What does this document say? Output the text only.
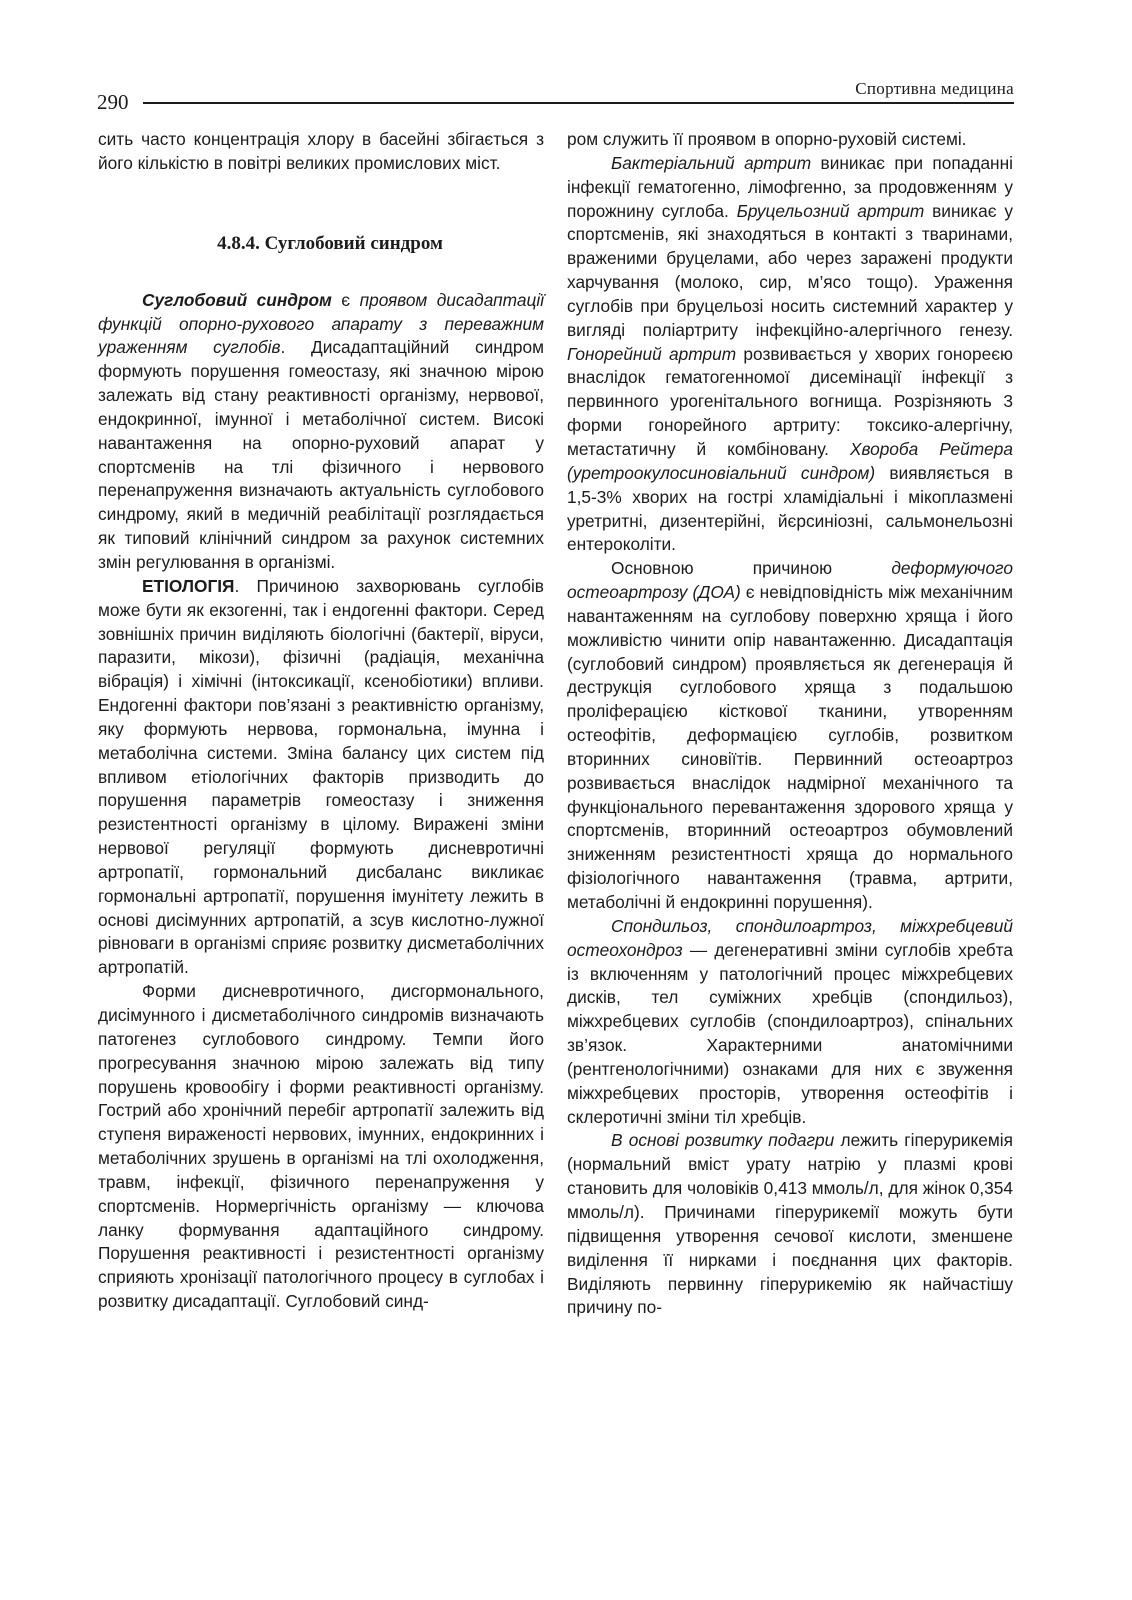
290
Спортивна медицина

сить часто концентрація хлору в басейні збігається з його кількістю в повітрі великих промислових міст.

4.8.4. Суглобовий синдром

Суглобовий синдром є проявом дисадаптації функцій опорно-рухового апарату з переважним ураженням суглобів. Дисадаптаційний синдром формують порушення гомеостазу, які значною мірою залежать від стану реактивності організму, нервової, ендокринної, імунної і метаболічної систем. Високі навантаження на опорно-руховий апарат у спортсменів на тлі фізичного і нервового перенапруження визначають актуальність суглобового синдрому, який в медичній реабілітації розглядається як типовий клінічний синдром за рахунок системних змін регулювання в організмі.

ЕТІОЛОГІЯ. Причиною захворювань суглобів може бути як екзогенні, так і ендогенні фактори. Серед зовнішніх причин виділяють біологічні (бактерії, віруси, паразити, мікози), фізичні (радіація, механічна вібрація) і хімічні (інтоксикації, ксенобіотики) впливи. Ендогенні фактори пов’язані з реактивністю організму, яку формують нервова, гормональна, імунна і метаболічна системи. Зміна балансу цих систем під впливом етіологічних факторів призводить до порушення параметрів гомеостазу і зниження резистентності організму в цілому. Виражені зміни нервової регуляції формують дисневротичні артропатії, гормональний дисбаланс викликає гормональні артропатії, порушення імунітету лежить в основі дисімунних артропатій, а зсув кислотно-лужної рівноваги в організмі сприяє розвитку дисметаболічних артропатій.

Форми дисневротичного, дисгормонального, дисімунного і дисметаболічного синдромів визначають патогенез суглобового синдрому. Темпи його прогресування значною мірою залежать від типу порушень кровообігу і форми реактивності організму. Гострий або хронічний перебіг артропатії залежить від ступеня вираженості нервових, імунних, ендокринних і метаболічних зрушень в організмі на тлі охолодження, травм, інфекції, фізичного перенапруження у спортсменів. Нормергічність організму — ключова ланку формування адаптаційного синдрому. Порушення реактивності і резистентності організму сприяють хронізації патологічного процесу в суглобах і розвитку дисадаптації. Суглобовий синд-

ром служить її проявом в опорно-руховій системі.

Бактеріальний артрит виникає при попаданні інфекції гематогенно, лімофгенно, за продовженням у порожнину суглоба. Бруцельозний артрит виникає у спортсменів, які знаходяться в контакті з тваринами, враженими бруцелами, або через заражені продукти харчування (молоко, сир, м’ясо тощо). Ураження суглобів при бруцельозі носить системний характер у вигляді поліартриту інфекційно-алергічного генезу. Гонорейний артрит розвивається у хворих гонореєю внаслідок гематогенномої дисемінації інфекції з первинного урогенітального вогнища. Розрізняють 3 форми гонорейного артриту: токсико-алергічну, метастатичну й комбіновану. Хвороба Рейтера (уретроокулосиновіальний синдром) виявляється в 1,5-3% хворих на гострі хламідіальні і мікоплазмені уретритні, дизентерійні, йєрсиніозні, сальмонельозні ентероколіти.

Основною причиною деформуючого остеоартрозу (ДОА) є невідповідність між механічним навантаженням на суглобову поверхню хряща і його можливістю чинити опір навантаженню. Дисадаптація (суглобовий синдром) проявляється як дегенерація й деструкція суглобового хряща з подальшою проліферацією кісткової тканини, утворенням остеофітів, деформацією суглобів, розвитком вторинних синовіїтів. Первинний остеоартроз розвивається внаслідок надмірної механічного та функціонального перевантаження здорового хряща у спортсменів, вторинний остеоартроз обумовлений зниженням резистентності хряща до нормального фізіологічного навантаження (травма, артрити, метаболічні й ендокринні порушення).

Спондильоз, спондилоартроз, міжхребцевий остеохондроз — дегенеративні зміни суглобів хребта із включенням у патологічний процес міжхребцевих дисків, тел суміжних хребців (спондильоз), міжхребцевих суглобів (спондилоартроз), спінальних зв’язок. Характерними анатомічними (рентгенологічними) ознаками для них є звуження міжхребцевих просторів, утворення остеофітів і склеротичні зміни тіл хребців.

В основі розвитку подагри лежить гіперурикемія (нормальний вміст урату натрію у плазмі крові становить для чоловіків 0,413 ммоль/л, для жінок 0,354 ммоль/л). Причинами гіперурикемії можуть бути підвищення утворення сечової кислоти, зменшене виділення її нирками і поєднання цих факторів. Виділяють первинну гіперурикемію як найчастішу причину по-
